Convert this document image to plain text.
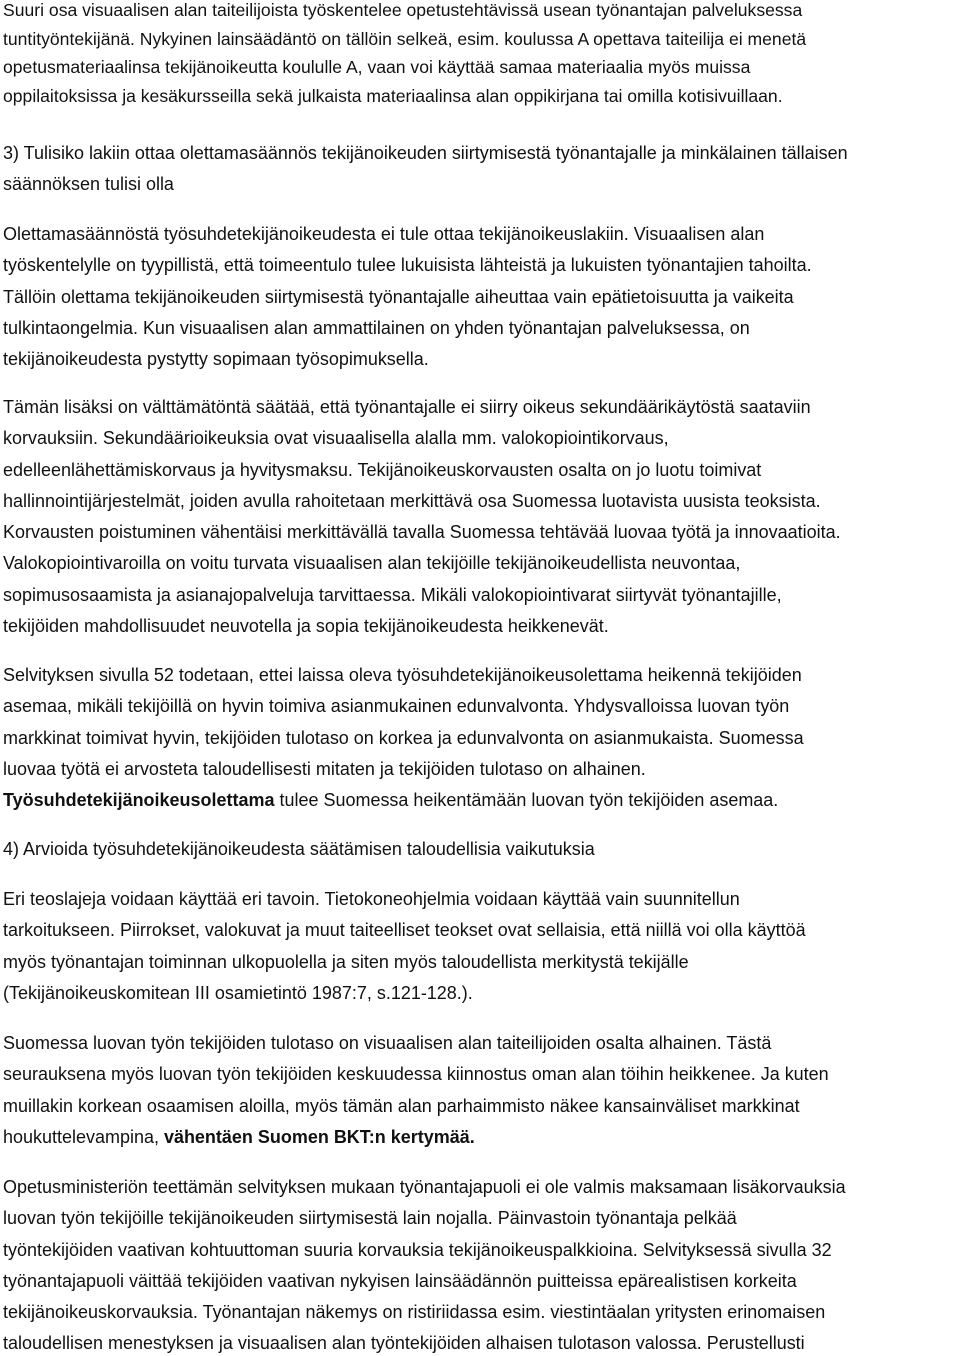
Suuri osa visuaalisen alan taiteilijoista työskentelee opetustehtävissä usean työnantajan palveluksessa
tuntityöntekijänä. Nykyinen lainsäädäntö on tällöin selkeä, esim. koulussa A opettava taiteilija ei menetä
opetusmateriaalinsa tekijänoikeutta koululle A, vaan voi käyttää samaa materiaalia myös muissa
oppilaitoksissa ja kesäkursseilla sekä julkaista materiaalinsa alan oppikirjana tai omilla kotisivuillaan.
3) Tulisiko lakiin ottaa olettamasäännös tekijänoikeuden siirtymisestä työnantajalle ja minkälainen tällaisen
säännöksen tulisi olla
Olettamasäännöstä työsuhdetekijänoikeudesta ei tule ottaa tekijänoikeuslakiin. Visuaalisen alan
työskentelylle on tyypillistä, että toimeentulo tulee lukuisista lähteistä ja lukuisten työnantajien tahoilta.
Tällöin olettama tekijänoikeuden siirtymisestä työnantajalle aiheuttaa vain epätietoisuutta ja vaikeita
tulkintaongelmia. Kun visuaalisen alan ammattilainen on yhden työnantajan palveluksessa, on
tekijänoikeudesta pystytty sopimaan työsopimuksella.
Tämän lisäksi on välttämätöntä säätää, että työnantajalle ei siirry oikeus sekundäärikäytöstä saataviin
korvauksiin. Sekundäärioikeuksia ovat visuaalisella alalla mm. valokopiointikorvaus,
edelleenlähettämiskorvaus ja hyvitysmaksu. Tekijänoikeuskorvausten osalta on jo luotu toimivat
hallinnointijärjestelmät, joiden avulla rahoitetaan merkittävä osa Suomessa luotavista uusista teoksista.
Korvausten poistuminen vähentäisi merkittävällä tavalla Suomessa tehtävää luovaa työtä ja innovaatioita.
Valokopiointivaroilla on voitu turvata visuaalisen alan tekijöille tekijänoikeudellista neuvontaa,
sopimusosaamista ja asianajopalveluja tarvittaessa. Mikäli valokopiointivarat siirtyvät työnantajille,
tekijöiden mahdollisuudet neuvotella ja sopia tekijänoikeudesta heikkenevät.
Selvityksen sivulla 52 todetaan, ettei laissa oleva työsuhdetekijänoikeusolettama heikennä tekijöiden
asemaa, mikäli tekijöillä on hyvin toimiva asianmukainen edunvalvonta. Yhdysvalloissa luovan työn
markkinat toimivat hyvin, tekijöiden tulotaso on korkea ja edunvalvonta on asianmukaista. Suomessa
luovaa työtä ei arvosteta taloudellisesti mitaten ja tekijöiden tulotaso on alhainen.
Työsuhdetekijänoikeusolettama tulee Suomessa heikentämään luovan työn tekijöiden asemaa.
4) Arvioida työsuhdetekijänoikeudesta säätämisen taloudellisia vaikutuksia
Eri teoslajeja voidaan käyttää eri tavoin. Tietokoneohjelmia voidaan käyttää vain suunnitellun
tarkoitukseen. Piirrokset, valokuvat ja muut taiteelliset teokset ovat sellaisia, että niillä voi olla käyttöä
myös työnantajan toiminnan ulkopuolella ja siten myös taloudellista merkitystä tekijälle
(Tekijänoikeuskomitean III osamietintö 1987:7, s.121-128.).
Suomessa luovan työn tekijöiden tulotaso on visuaalisen alan taiteilijoiden osalta alhainen. Tästä
seurauksena myös luovan työn tekijöiden keskuudessa kiinnostus oman alan töihin heikkenee. Ja kuten
muillakin korkean osaamisen aloilla, myös tämän alan parhaimmisto näkee kansainväliset markkinat
houkuttelevampina, vähentäen Suomen BKT:n kertymää.
Opetusministeriön teettämän selvityksen mukaan työnantajapuoli ei ole valmis maksamaan lisäkorvauksia
luovan työn tekijöille tekijänoikeuden siirtymisestä lain nojalla. Päinvastoin työnantaja pelkää
työntekijöiden vaativan kohtuuttoman suuria korvauksia tekijänoikeuspalkkioina. Selvityksessä sivulla 32
työnantajapuoli väittää tekijöiden vaativan nykyisen lainsäädännön puitteissa epärealistisen korkeita
tekijänoikeuskorvauksia. Työnantajan näkemys on ristiriidassa esim. viestintäalan yritysten erinomaisen
taloudellisen menestyksen ja visuaalisen alan työntekijöiden alhaisen tulotason valossa. Perustellusti
